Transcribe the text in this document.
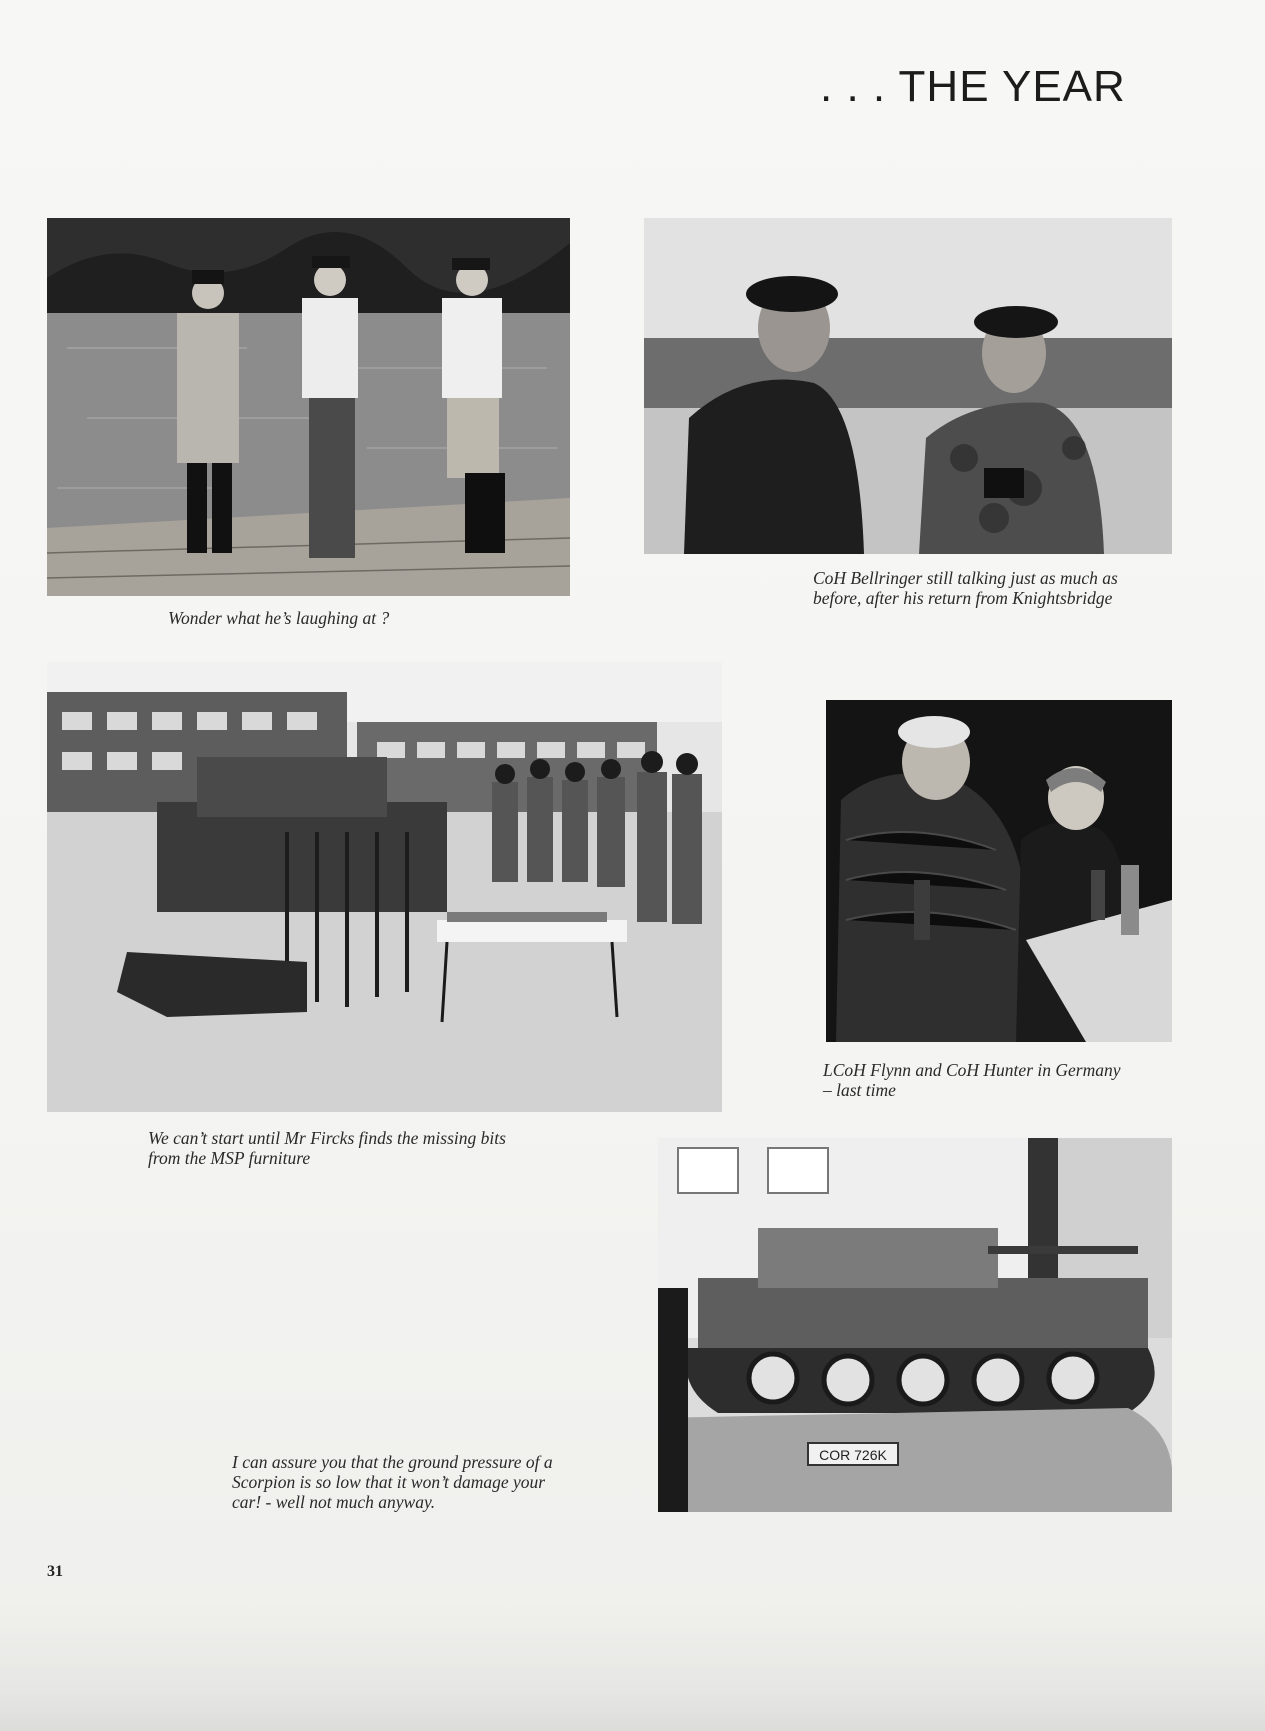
. . . THE YEAR
Wonder what he’s laughing at ?
CoH Bellringer still talking just as much as
before, after his return from Knightsbridge
We can’t start until Mr Fircks finds the missing bits
from the MSP furniture
LCoH Flynn and CoH Hunter in Germany
– last time
COR 726K
I can assure you that the ground pressure of a
Scorpion is so low that it won’t damage your
car! - well not much anyway.
31
